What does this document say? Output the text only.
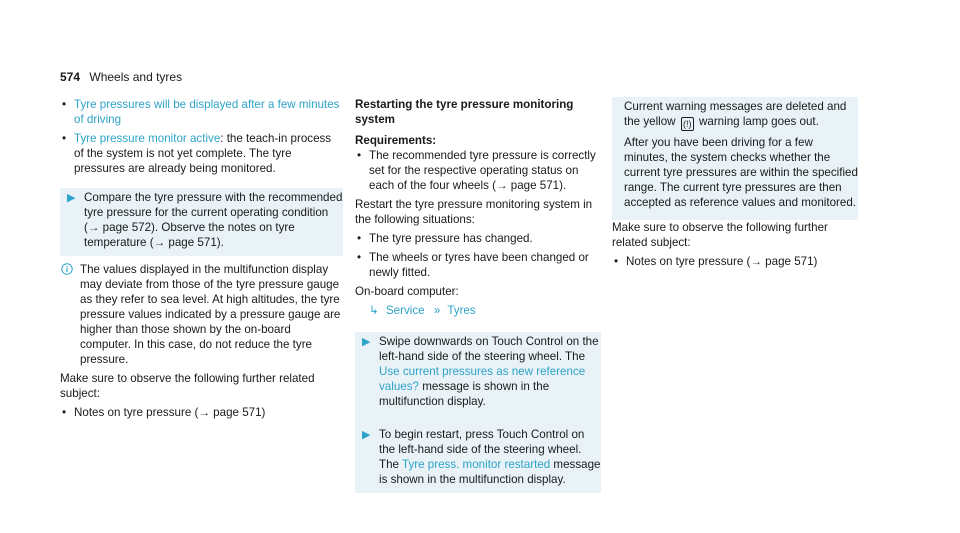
574 Wheels and tyres
• Tyre pressures will be displayed after a few minutes of driving
• Tyre pressure monitor active: the teach-in process of the system is not yet complete. The tyre pressures are already being monitored.
▶ Compare the tyre pressure with the recommended tyre pressure for the current operating condition (→ page 572). Observe the notes on tyre temperature (→ page 571).
The values displayed in the multifunction display may deviate from those of the tyre pressure gauge as they refer to sea level. At high altitudes, the tyre pressure values indicated by a pressure gauge are higher than those shown by the on-board computer. In this case, do not reduce the tyre pressure.

Make sure to observe the following further related subject:

• Notes on tyre pressure (→ page 571)
Restarting the tyre pressure monitoring system
Requirements:
• The recommended tyre pressure is correctly set for the respective operating status on each of the four wheels (→ page 571).

Restart the tyre pressure monitoring system in the following situations:

• The tyre pressure has changed.
• The wheels or tyres have been changed or newly fitted.

On-board computer:

↳ Service » Tyres
▶ Swipe downwards on Touch Control on the left-hand side of the steering wheel. The Use current pressures as new reference values? message is shown in the multifunction display.
▶ To begin restart, press Touch Control on the left-hand side of the steering wheel. The Tyre press. monitor restarted message is shown in the multifunction display.

Current warning messages are deleted and the yellow (!) warning lamp goes out.

After you have been driving for a few minutes, the system checks whether the current tyre pressures are within the specified range. The current tyre pressures are then accepted as reference values and monitored.

Make sure to observe the following further related subject:

• Notes on tyre pressure (→ page 571)
